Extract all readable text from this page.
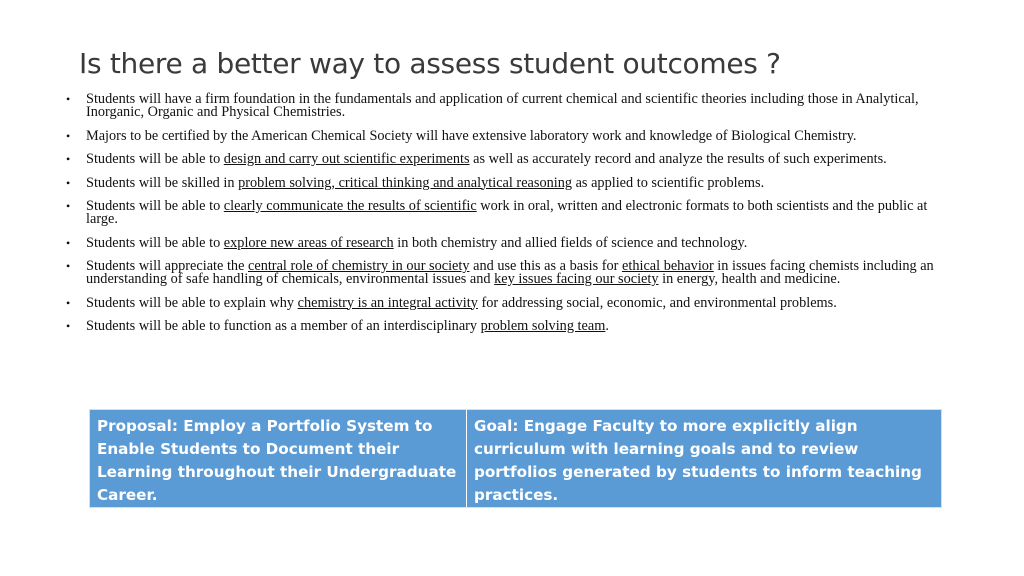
Is there a better way to assess student outcomes ?
• Students will have a firm foundation in the fundamentals and application of current chemical and scientific theories including those in Analytical, Inorganic, Organic and Physical Chemistries.
• Majors to be certified by the American Chemical Society will have extensive laboratory work and knowledge of Biological Chemistry.
• Students will be able to design and carry out scientific experiments as well as accurately record and analyze the results of such experiments.
• Students will be skilled in problem solving, critical thinking and analytical reasoning as applied to scientific problems.
• Students will be able to clearly communicate the results of scientific work in oral, written and electronic formats to both scientists and the public at large.
• Students will be able to explore new areas of research in both chemistry and allied fields of science and technology.
• Students will appreciate the central role of chemistry in our society and use this as a basis for ethical behavior in issues facing chemists including an understanding of safe handling of chemicals, environmental issues and key issues facing our society in energy, health and medicine.
• Students will be able to explain why chemistry is an integral activity for addressing social, economic, and environmental problems.
• Students will be able to function as a member of an interdisciplinary problem solving team.
Proposal: Employ a Portfolio System to Enable Students to Document their Learning throughout their Undergraduate Career.
Goal: Engage Faculty to more explicitly align curriculum with learning goals and to review portfolios generated by students to inform teaching practices.
